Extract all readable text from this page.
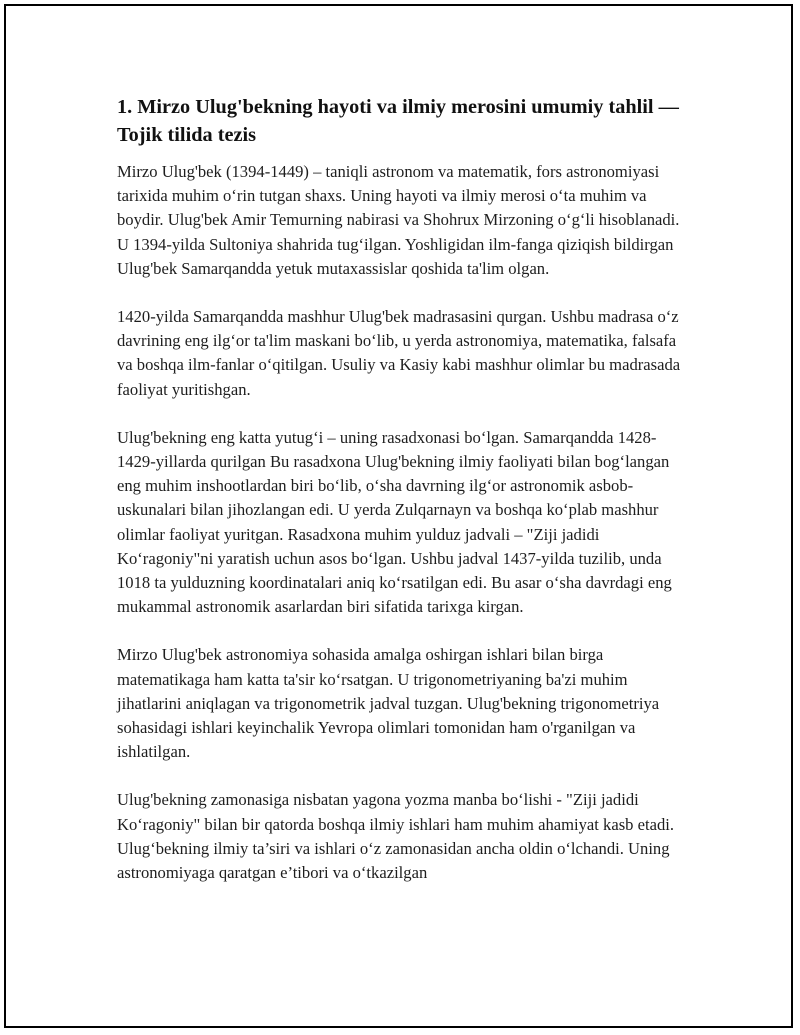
1. Mirzo Ulug'bekning hayoti va ilmiy merosini umumiy tahlil — Tojik tilida tezis

Mirzo Ulug'bek (1394-1449) – taniqli astronom va matematik, fors astronomiyasi tarixida muhim o‘rin tutgan shaxs. Uning hayoti va ilmiy merosi o‘ta muhim va boydir. Ulug'bek Amir Temurning nabirasi va Shohrux Mirzoning o‘g‘li hisoblanadi. U 1394-yilda Sultoniya shahrida tug‘ilgan. Yoshligidan ilm-fanga qiziqish bildirgan Ulug'bek Samarqandda yetuk mutaxassislar qoshida ta'lim olgan.

1420-yilda Samarqandda mashhur Ulug'bek madrasasini qurgan. Ushbu madrasa o‘z davrining eng ilg‘or ta'lim maskani bo‘lib, u yerda astronomiya, matematika, falsafa va boshqa ilm-fanlar o‘qitilgan. Usuliy va Kasiy kabi mashhur olimlar bu madrasada faoliyat yuritishgan.

Ulug'bekning eng katta yutug‘i – uning rasadxonasi bo‘lgan. Samarqandda 1428-1429-yillarda qurilgan Bu rasadxona Ulug'bekning ilmiy faoliyati bilan bog‘langan eng muhim inshootlardan biri bo‘lib, o‘sha davrning ilg‘or astronomik asbob-uskunalari bilan jihozlangan edi. U yerda Zulqarnayn va boshqa ko‘plab mashhur olimlar faoliyat yuritgan. Rasadxona muhim yulduz jadvali – "Ziji jadidi Ko‘ragoniy"ni yaratish uchun asos bo‘lgan. Ushbu jadval 1437-yilda tuzilib, unda 1018 ta yulduzning koordinatalari aniq ko‘rsatilgan edi. Bu asar o‘sha davrdagi eng mukammal astronomik asarlardan biri sifatida tarixga kirgan.

Mirzo Ulug'bek astronomiya sohasida amalga oshirgan ishlari bilan birga matematikaga ham katta ta'sir ko‘rsatgan. U trigonometriyaning ba'zi muhim jihatlarini aniqlagan va trigonometrik jadval tuzgan. Ulug'bekning trigonometriya sohasidagi ishlari keyinchalik Yevropa olimlari tomonidan ham o'rganilgan va ishlatilgan.

Ulug'bekning zamonasiga nisbatan yagona yozma manba bo‘lishi - "Ziji jadidi Ko‘ragoniy" bilan bir qatorda boshqa ilmiy ishlari ham muhim ahamiyat kasb etadi. Ulug‘bekning ilmiy ta’siri va ishlari o‘z zamonasidan ancha oldin o‘lchandi. Uning astronomiyaga qaratgan e’tibori va o‘tkazilgan
